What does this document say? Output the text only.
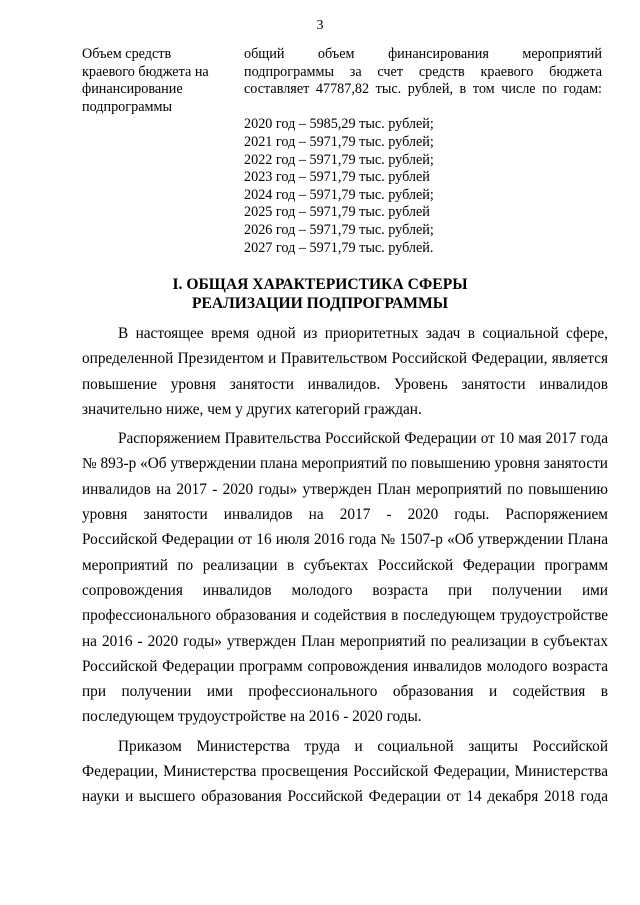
3
Объем средств
краевого бюджета на
финансирование
подпрограммы
общий объем финансирования мероприятий
подпрограммы за счет средств краевого бюджета
составляет 47787,82 тыс. рублей, в том числе по годам:
2020 год – 5985,29 тыс. рублей;
2021 год – 5971,79 тыс. рублей;
2022 год – 5971,79 тыс. рублей;
2023 год – 5971,79 тыс. рублей
2024 год – 5971,79 тыс. рублей;
2025 год – 5971,79 тыс. рублей
2026 год – 5971,79 тыс. рублей;
2027 год – 5971,79 тыс. рублей.
I. ОБЩАЯ ХАРАКТЕРИСТИКА СФЕРЫ
РЕАЛИЗАЦИИ ПОДПРОГРАММЫ
В настоящее время одной из приоритетных задач в социальной сфере,
определенной Президентом и Правительством Российской Федерации, является
повышение уровня занятости инвалидов. Уровень занятости инвалидов
значительно ниже, чем у других категорий граждан.
Распоряжением Правительства Российской Федерации от 10 мая 2017 года
№ 893-р «Об утверждении плана мероприятий по повышению уровня занятости
инвалидов на 2017 - 2020 годы» утвержден План мероприятий по повышению
уровня занятости инвалидов на 2017 - 2020 годы. Распоряжением
Российской Федерации от 16 июля 2016 года № 1507-р «Об утверждении Плана
мероприятий по реализации в субъектах Российской Федерации программ
сопровождения инвалидов молодого возраста при получении ими
профессионального образования и содействия в последующем трудоустройстве
на 2016 - 2020 годы» утвержден План мероприятий по реализации в субъектах
Российской Федерации программ сопровождения инвалидов молодого возраста
при получении ими профессионального образования и содействия в
последующем трудоустройстве на 2016 - 2020 годы.
Приказом Министерства труда и социальной защиты Российской
Федерации, Министерства просвещения Российской Федерации, Министерства
науки и высшего образования Российской Федерации от 14 декабря 2018 года
